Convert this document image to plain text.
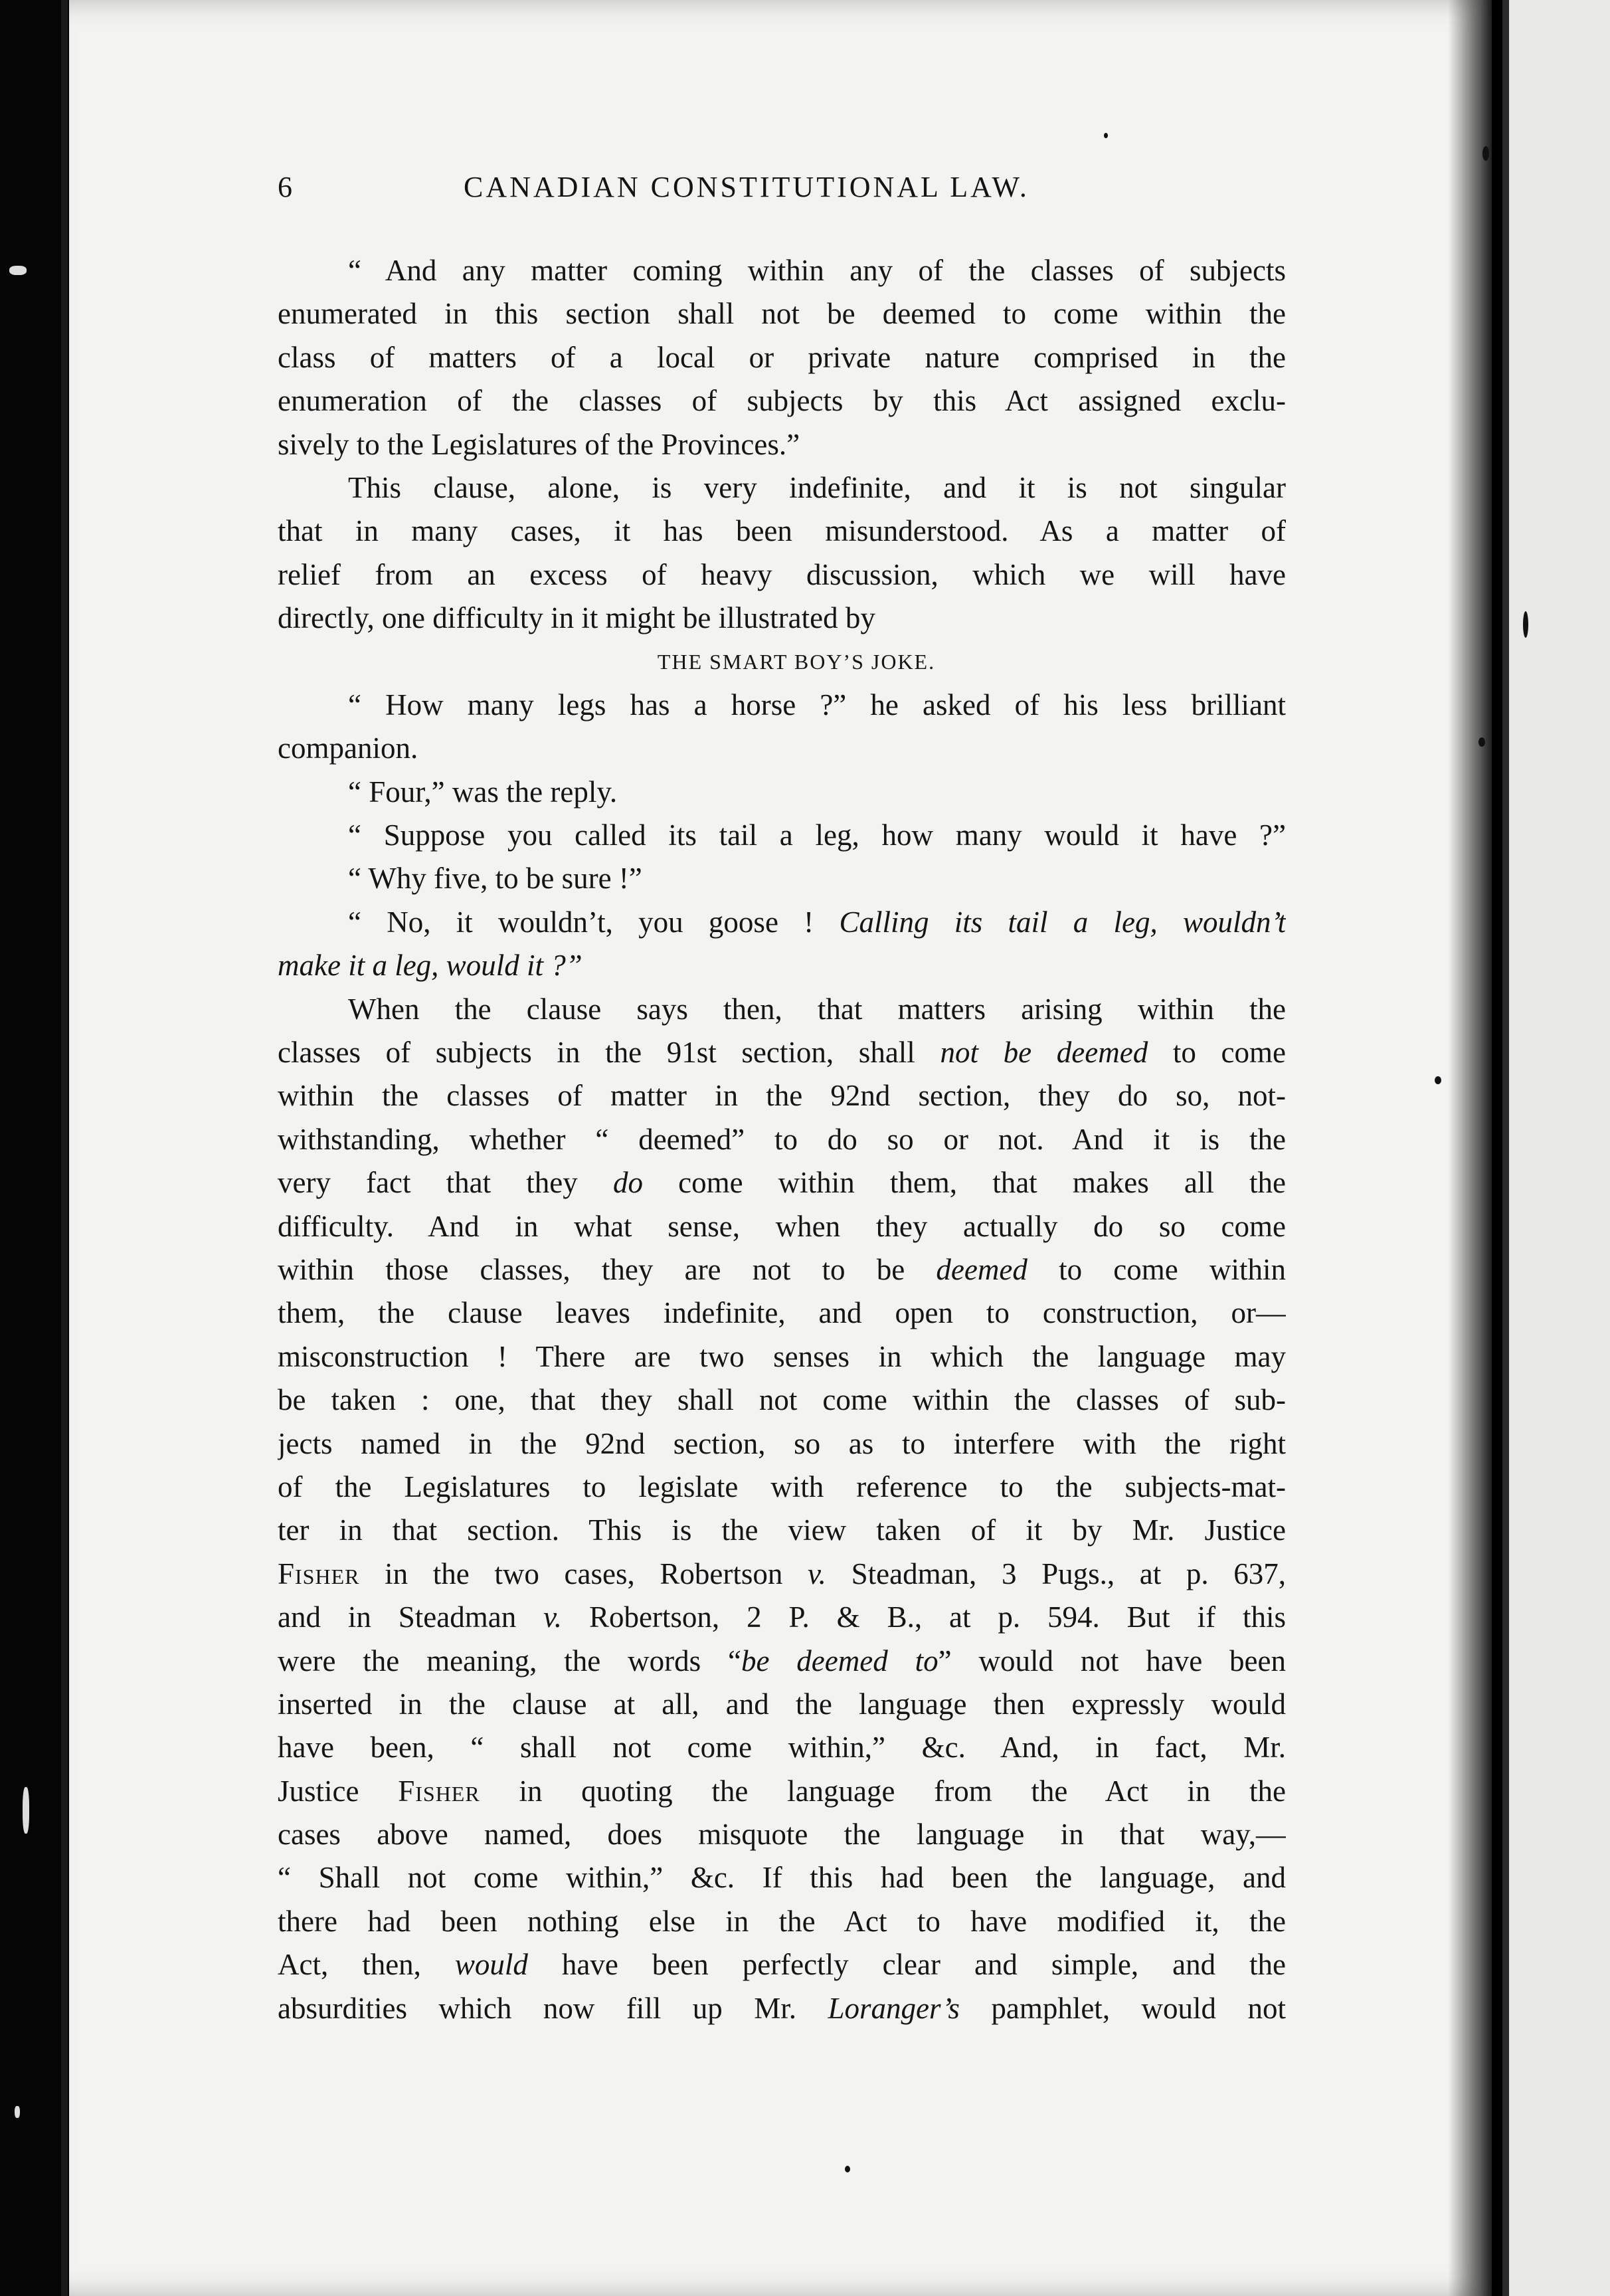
6	CANADIAN CONSTITUTIONAL LAW.
“ And any matter coming within any of the classes of subjects
enumerated in this section shall not be deemed to come within the
class of matters of a local or private nature comprised in the
enumeration of the classes of subjects by this Act assigned exclu-
sively to the Legislatures of the Provinces.”
This clause, alone, is very indefinite, and it is not singular
that in many cases, it has been misunderstood. As a matter of
relief from an excess of heavy discussion, which we will have
directly, one difficulty in it might be illustrated by
THE SMART BOY’S JOKE.
“ How many legs has a horse ?” he asked of his less brilliant
companion.
“ Four,” was the reply.
“ Suppose you called its tail a leg, how many would it have ?”
“ Why five, to be sure !”
“ No, it wouldn’t, you goose ! Calling its tail a leg, wouldn’t
make it a leg, would it ?”
When the clause says then, that matters arising within the
classes of subjects in the 91st section, shall not be deemed to come
within the classes of matter in the 92nd section, they do so, not-
withstanding, whether “ deemed” to do so or not. And it is the
very fact that they do come within them, that makes all the
difficulty. And in what sense, when they actually do so come
within those classes, they are not to be deemed to come within
them, the clause leaves indefinite, and open to construction, or—
misconstruction ! There are two senses in which the language may
be taken : one, that they shall not come within the classes of sub-
jects named in the 92nd section, so as to interfere with the right
of the Legislatures to legislate with reference to the subjects-mat-
ter in that section. This is the view taken of it by Mr. Justice
Fisher in the two cases, Robertson v. Steadman, 3 Pugs., at p. 637,
and in Steadman v. Robertson, 2 P. & B., at p. 594. But if this
were the meaning, the words “be deemed to” would not have been
inserted in the clause at all, and the language then expressly would
have been, “ shall not come within,” &c. And, in fact, Mr.
Justice Fisher in quoting the language from the Act in the
cases above named, does misquote the language in that way,—
“ Shall not come within,” &c. If this had been the language, and
there had been nothing else in the Act to have modified it, the
Act, then, would have been perfectly clear and simple, and the
absurdities which now fill up Mr. Loranger’s pamphlet, would not
